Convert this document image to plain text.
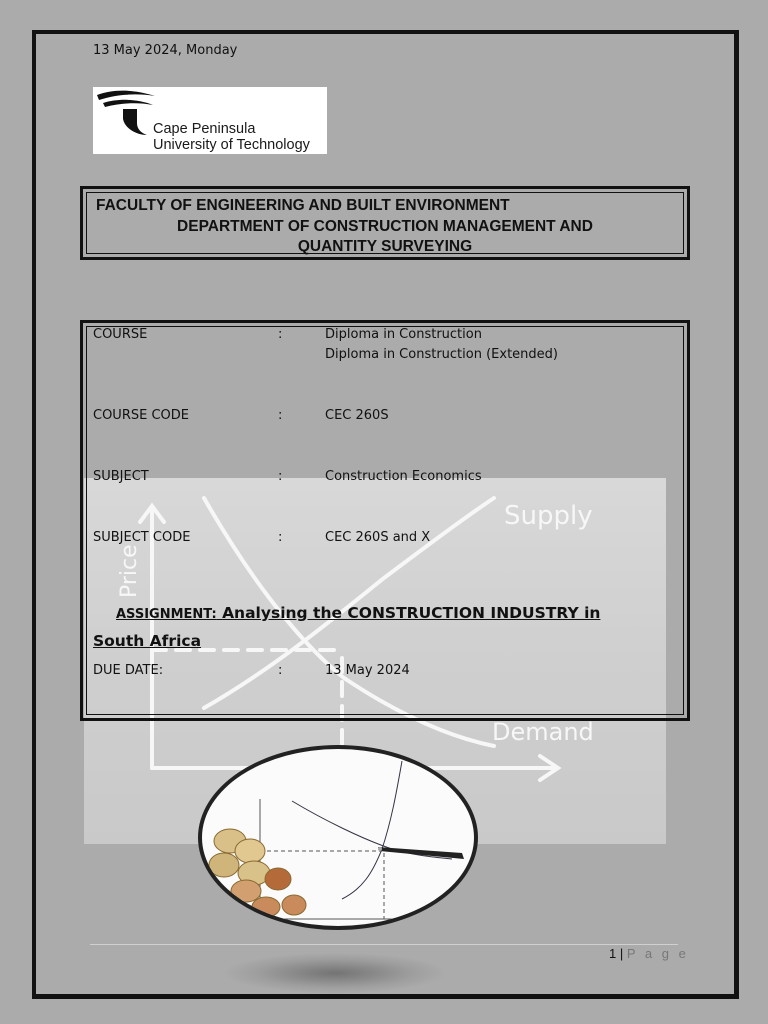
13 May 2024, Monday
Cape Peninsula
University of Technology
FACULTY OF ENGINEERING AND BUILT ENVIRONMENT
DEPARTMENT OF CONSTRUCTION MANAGEMENT AND
QUANTITY SURVEYING
Supply
Demand
Price
COURSE	:	Diploma in Construction
Diploma in Construction (Extended)
COURSE CODE	:	CEC 260S
SUBJECT	:	Construction Economics
SUBJECT CODE	:	CEC 260S and X
ASSIGNMENT: Analysing the CONSTRUCTION INDUSTRY in South Africa
DUE DATE:	:	13 May 2024
1 | P a g e
